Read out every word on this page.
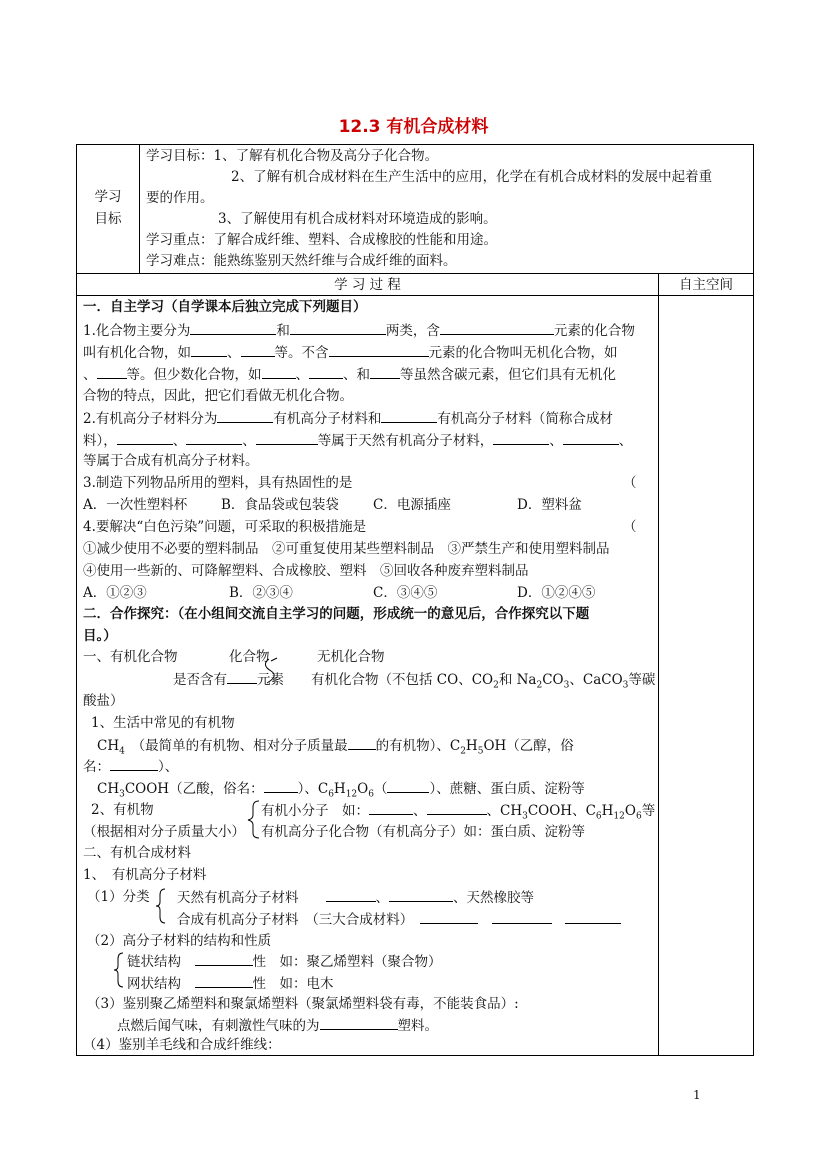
12.3 有机合成材料
学习
目标
学习目标：1、了解有机化合物及高分子化合物。
2、了解有机合成材料在生产生活中的应用，化学在有机合成材料的发展中起着重
要的作用。
3、了解使用有机合成材料对环境造成的影响。
学习重点：了解合成纤维、塑料、合成橡胶的性能和用途。
学习难点：能熟练鉴别天然纤维与合成纤维的面料。
学 习 过 程	自主空间
一．自主学习（自学课本后独立完成下列题目）
1.化合物主要分为	和	两类，含	元素的化合物
叫有机化合物，如	、	等。不含	元素的化合物叫无机化合物，如
、 等。但少数化合物，如	、	、和 等虽然含碳元素，但它们具有无机化
合物的特点，因此，把它们看做无机化合物。
2.有机高分子材料分为	有机高分子材料和	有机高分子材料（简称合成材
料），	、	、	等属于天然有机高分子材料，	、	、
等属于合成有机高分子材料。
3.制造下列物品所用的塑料，具有热固性的是	（
A．一次性塑料杯	B．食品袋或包装袋	C．电源插座	D．塑料盆
4.要解决“白色污染”问题，可采取的积极措施是	（
①减少使用不必要的塑料制品　②可重复使用某些塑料制品　③严禁生产和使用塑料制品
④使用一些新的、可降解塑料、合成橡胶、塑料　⑤回收各种废弃塑料制品
A．①②③	B．②③④	C．③④⑤	D．①②④⑤
二．合作探究：（在小组间交流自主学习的问题，形成统一的意见后，合作探究以下题
目。）
一、有机化合物	化合物	无机化合物
是否含有 元素　　 有机化合物（不包括 CO、$CO_2$和 $Na_2CO_3$、CaCO$_3$等碳
酸盐）
1、生活中常见的有机物
$CH_4$　 （最简单的有机物、相对分子质量最 的有机物）、$C_2H_5OH$（乙醇，俗
名：	）、
$CH_3COOH$（乙酸，俗名：	）、$C_6H_{12}O_6$（	）、蔗糖、蛋白质、淀粉等
2、有机物
（根据相对分子质量大小）
有机小分子　如：	、	、$CH_3COOH$、$C_6H_{12}O_6$等
有机高分子化合物（有机高分子）如：蛋白质、淀粉等
二、有机合成材料
1、　有机高分子材料
（1）分类 天然有机高分子材料　　	、	、天然橡胶等
合成有机高分子材料　 （三大合成材料）　　　
（2）高分子材料的结构和性质
链状结构　	性　如：聚乙烯塑料（聚合物）
网状结构　	性　如：电木
（3）鉴别聚乙烯塑料和聚氯烯塑料（聚氯烯塑料袋有毒，不能装食品）:
点燃后闻气味，有刺激性气味的为	塑料。
（4）鉴别羊毛线和合成纤维线：
1
